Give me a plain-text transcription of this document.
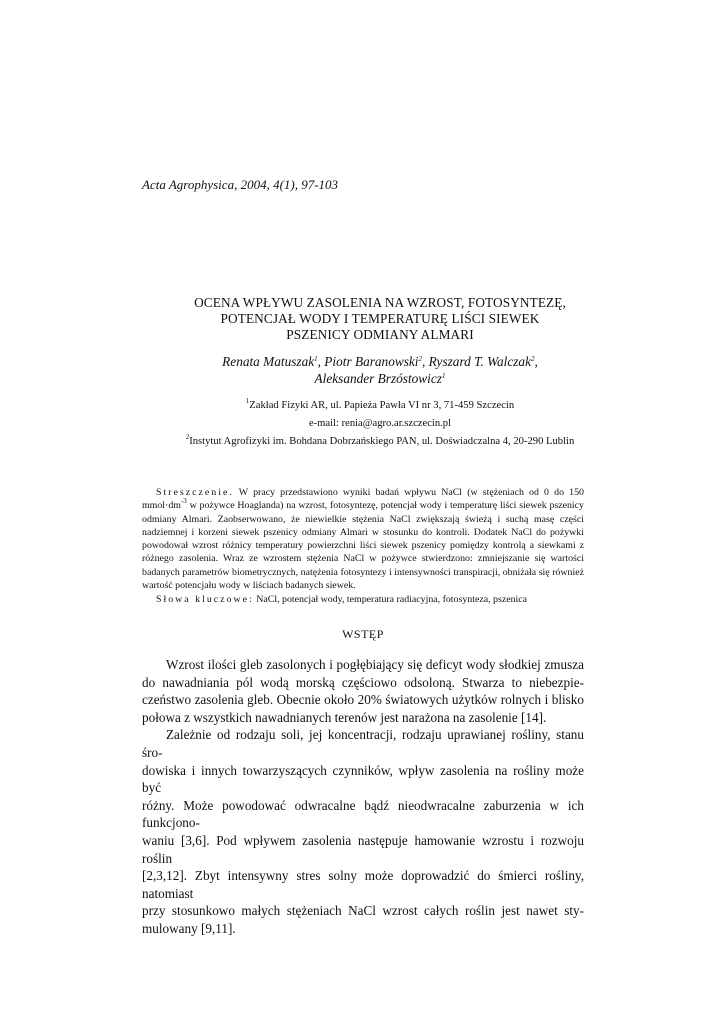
Acta Agrophysica, 2004, 4(1), 97-103
OCENA WPŁYWU ZASOLENIA NA WZROST, FOTOSYNTEZĘ,
POTENCJAŁ WODY I TEMPERATURĘ LIŚCI SIEWEK
PSZENICY ODMIANY ALMARI
Renata Matuszak$^1$, Piotr Baranowski$^2$, Ryszard T. Walczak$^2$,
Aleksander Brzóstowicz$^1$
$^1$Zakład Fizyki AR, ul. Papieża Pawła VI nr 3, 71-459 Szczecin
e-mail: renia@agro.ar.szczecin.pl
$^2$Instytut Agrofizyki im. Bohdana Dobrzańskiego PAN, ul. Doświadczalna 4, 20-290 Lublin

Streszczenie. W pracy przedstawiono wyniki badań wpływu NaCl (w stężeniach od 0 do 150 $mmol\cdot dm^{-3}$ w pożywce Hoaglanda) na wzrost, fotosyntezę, potencjał wody i temperaturę liści siewek pszenicy odmiany Almari. Zaobserwowano, że niewielkie stężenia NaCl zwiększają świeżą i suchą masę części nadziemnej i korzeni siewek pszenicy odmiany Almari w stosunku do kontroli. Dodatek NaCl do pożywki powodował wzrost różnicy temperatury powierzchni liści siewek pszenicy pomiędzy kontrolą a siewkami z różnego zasolenia. Wraz ze wzrostem stężenia NaCl w pożywce stwierdzono: zmniejszanie się wartości badanych parametrów biometrycznych, natężenia fotosyntezy i intensywności transpiracji, obniżała się również wartość potencjału wody w liściach badanych siewek.

Słowa kluczowe: NaCl, potencjał wody, temperatura radiacyjna, fotosynteza, pszenica

WSTĘP

Wzrost ilości gleb zasolonych i pogłębiający się deficyt wody słodkiej zmusza
do nawadniania pól wodą morską częściowo odsoloną. Stwarza to niebezpie-
czeństwo zasolenia gleb. Obecnie około 20% światowych użytków rolnych i blisko
połowa z wszystkich nawadnianych terenów jest narażona na zasolenie [14].

Zależnie od rodzaju soli, jej koncentracji, rodzaju uprawianej rośliny, stanu śro-
dowiska i innych towarzyszących czynników, wpływ zasolenia na rośliny może być
różny. Może powodować odwracalne bądź nieodwracalne zaburzenia w ich funkcjono-
waniu [3,6]. Pod wpływem zasolenia następuje hamowanie wzrostu i rozwoju roślin
[2,3,12]. Zbyt intensywny stres solny może doprowadzić do śmierci rośliny, natomiast
przy stosunkowo małych stężeniach NaCl wzrost całych roślin jest nawet sty-
mulowany [9,11].
